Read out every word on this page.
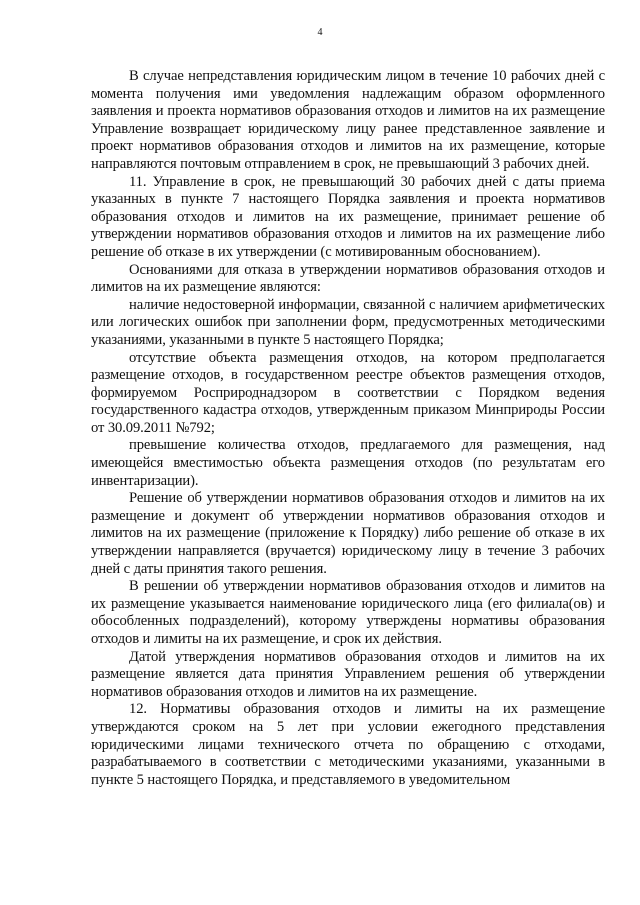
4

В случае непредставления юридическим лицом в течение 10 рабочих дней с момента получения ими уведомления надлежащим образом оформленного заявления и проекта нормативов образования отходов и лимитов на их размещение Управление возвращает юридическому лицу ранее представленное заявление и проект нормативов образования отходов и лимитов на их размещение, которые направляются почтовым отправлением в срок, не превышающий 3 рабочих дней.

11. Управление в срок, не превышающий 30 рабочих дней с даты приема указанных в пункте 7 настоящего Порядка заявления и проекта нормативов образования отходов и лимитов на их размещение, принимает решение об утверждении нормативов образования отходов и лимитов на их размещение либо решение об отказе в их утверждении (с мотивированным обоснованием).

Основаниями для отказа в утверждении нормативов образования отходов и лимитов на их размещение являются:

наличие недостоверной информации, связанной с наличием арифметических или логических ошибок при заполнении форм, предусмотренных методическими указаниями, указанными в пункте 5 настоящего Порядка;

отсутствие объекта размещения отходов, на котором предполагается размещение отходов, в государственном реестре объектов размещения отходов, формируемом Росприроднадзором в соответствии с Порядком ведения государственного кадастра отходов, утвержденным приказом Минприроды России от 30.09.2011 №792;

превышение количества отходов, предлагаемого для размещения, над имеющейся вместимостью объекта размещения отходов (по результатам его инвентаризации).

Решение об утверждении нормативов образования отходов и лимитов на их размещение и документ об утверждении нормативов образования отходов и лимитов на их размещение (приложение к Порядку) либо решение об отказе в их утверждении направляется (вручается) юридическому лицу в течение 3 рабочих дней с даты принятия такого решения.

В решении об утверждении нормативов образования отходов и лимитов на их размещение указывается наименование юридического лица (его филиала(ов) и обособленных подразделений), которому утверждены нормативы образования отходов и лимиты на их размещение, и срок их действия.

Датой утверждения нормативов образования отходов и лимитов на их размещение является дата принятия Управлением решения об утверждении нормативов образования отходов и лимитов на их размещение.

12. Нормативы образования отходов и лимиты на их размещение утверждаются сроком на 5 лет при условии ежегодного представления юридическими лицами технического отчета по обращению с отходами, разрабатываемого в соответствии с методическими указаниями, указанными в пункте 5 настоящего Порядка, и представляемого в уведомительном
